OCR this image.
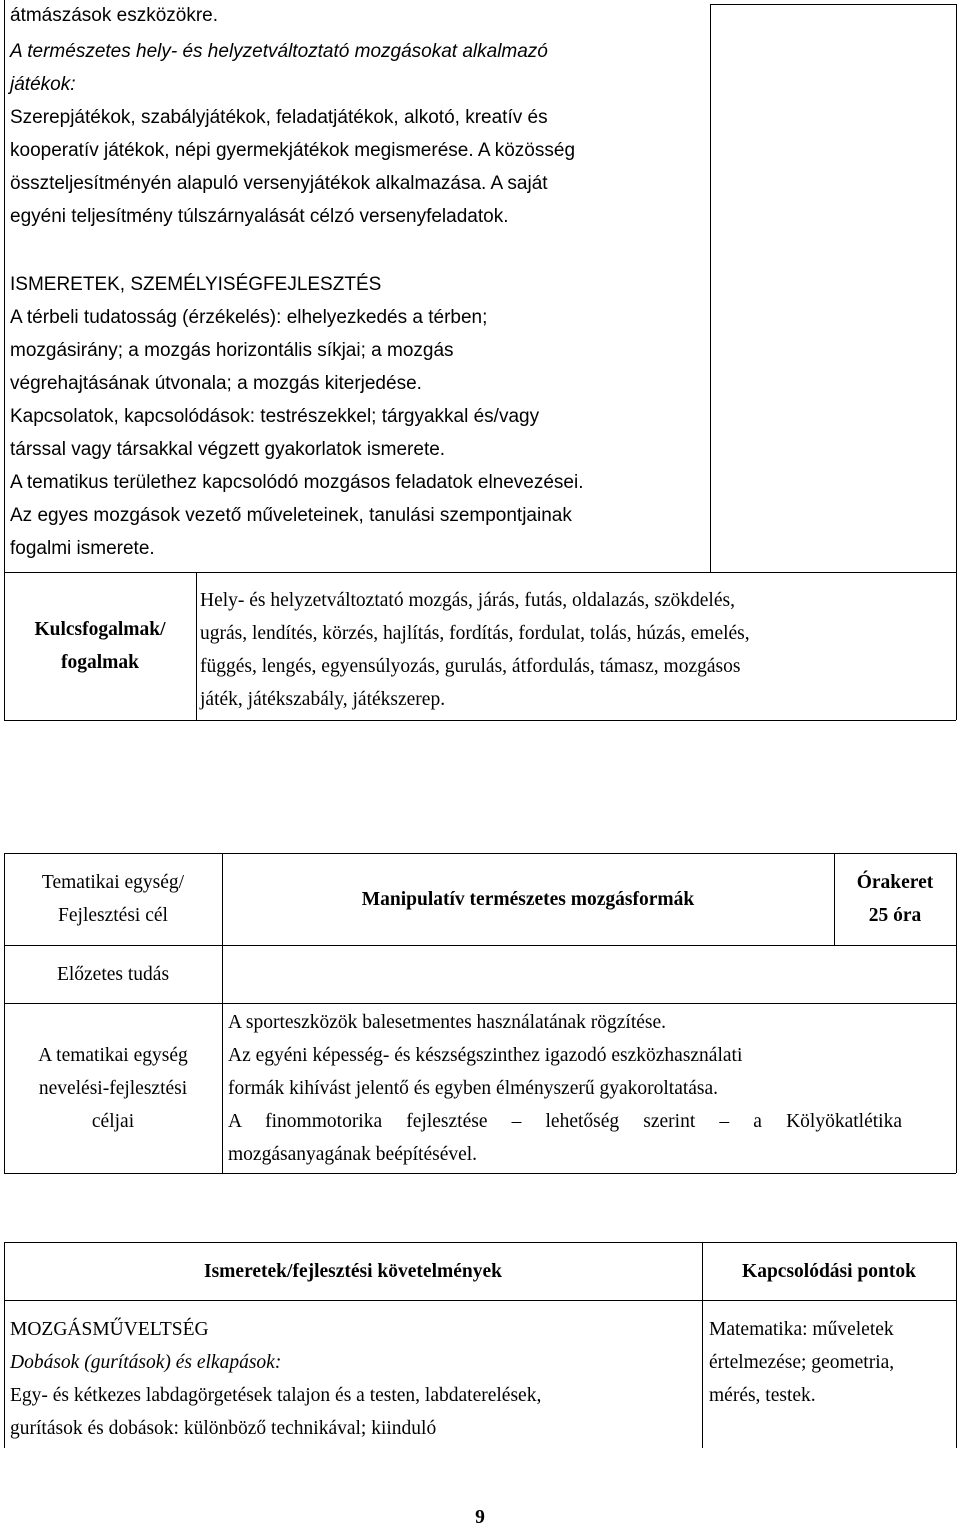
átmászások eszközökre.
A természetes hely- és helyzetváltoztató mozgásokat alkalmazó
játékok:
Szerepjátékok, szabályjátékok, feladatjátékok, alkotó, kreatív és
kooperatív játékok, népi gyermekjátékok megismerése. A közösség
összteljesítményén alapuló versenyjátékok alkalmazása. A saját
egyéni teljesítmény túlszárnyalását célzó versenyfeladatok.
ISMERETEK, SZEMÉLYISÉGFEJLESZTÉS
A térbeli tudatosság (érzékelés): elhelyezkedés a térben;
mozgásirány; a mozgás horizontális síkjai; a mozgás
végrehajtásának útvonala; a mozgás kiterjedése.
Kapcsolatok, kapcsolódások: testrészekkel; tárgyakkal és/vagy
társsal vagy társakkal végzett gyakorlatok ismerete.
A tematikus területhez kapcsolódó mozgásos feladatok elnevezései.
Az egyes mozgások vezető műveleteinek, tanulási szempontjainak
fogalmi ismerete.
Kulcsfogalmak/
fogalmak
Hely- és helyzetváltoztató mozgás, járás, futás, oldalazás, szökdelés,
ugrás, lendítés, körzés, hajlítás, fordítás, fordulat, tolás, húzás, emelés,
függés, lengés, egyensúlyozás, gurulás, átfordulás, támasz, mozgásos
játék, játékszabály, játékszerep.
Tematikai egység/
Fejlesztési cél
Manipulatív természetes mozgásformák
Órakeret
25 óra
Előzetes tudás
A tematikai egység
nevelési-fejlesztési
céljai
A sporteszközök balesetmentes használatának rögzítése.
Az egyéni képesség- és készségszinthez igazodó eszközhasználati
formák kihívást jelentő és egyben élményszerű gyakoroltatása.
A finommotorika fejlesztése – lehetőség szerint – a Kölyökatlétika
mozgásanyagának beépítésével.
Ismeretek/fejlesztési követelmények	Kapcsolódási pontok
MOZGÁSMŰVELTSÉG
Dobások (gurítások) és elkapások:
Egy- és kétkezes labdagörgetések talajon és a testen, labdaterelések,
gurítások és dobások: különböző technikával; kiinduló
Matematika: műveletek
értelmezése; geometria,
mérés, testek.
9
